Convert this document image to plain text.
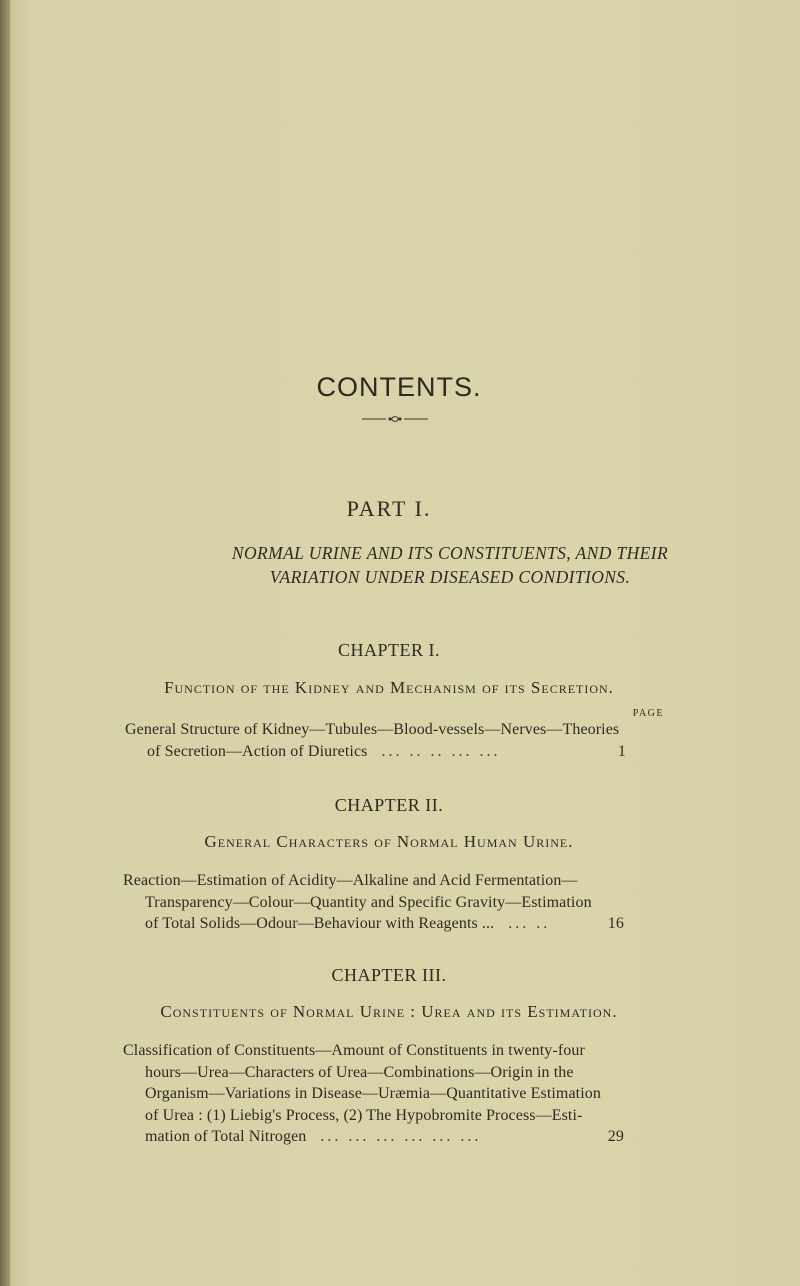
CONTENTS.
PART I.
NORMAL URINE AND ITS CONSTITUENTS, AND THEIR
VARIATION UNDER DISEASED CONDITIONS.
CHAPTER I.
Function of the Kidney and Mechanism of its Secretion.
PAGE
General Structure of Kidney—Tubules—Blood-vessels—Nerves—Theories
of Secretion—Action of Diuretics ... .. .. ... ...	1
CHAPTER II.
General Characters of Normal Human Urine.
Reaction—Estimation of Acidity—Alkaline and Acid Fermentation—
Transparency—Colour—Quantity and Specific Gravity—Estimation
of Total Solids—Odour—Behaviour with Reagents ... ... ..	16
CHAPTER III.
Constituents of Normal Urine : Urea and its Estimation.
Classification of Constituents—Amount of Constituents in twenty-four
hours—Urea—Characters of Urea—Combinations—Origin in the
Organism—Variations in Disease—Uræmia—Quantitative Estimation
of Urea : (1) Liebig's Process, (2) The Hypobromite Process—Esti-
mation of Total Nitrogen ... ... ... ... ... ...	29
